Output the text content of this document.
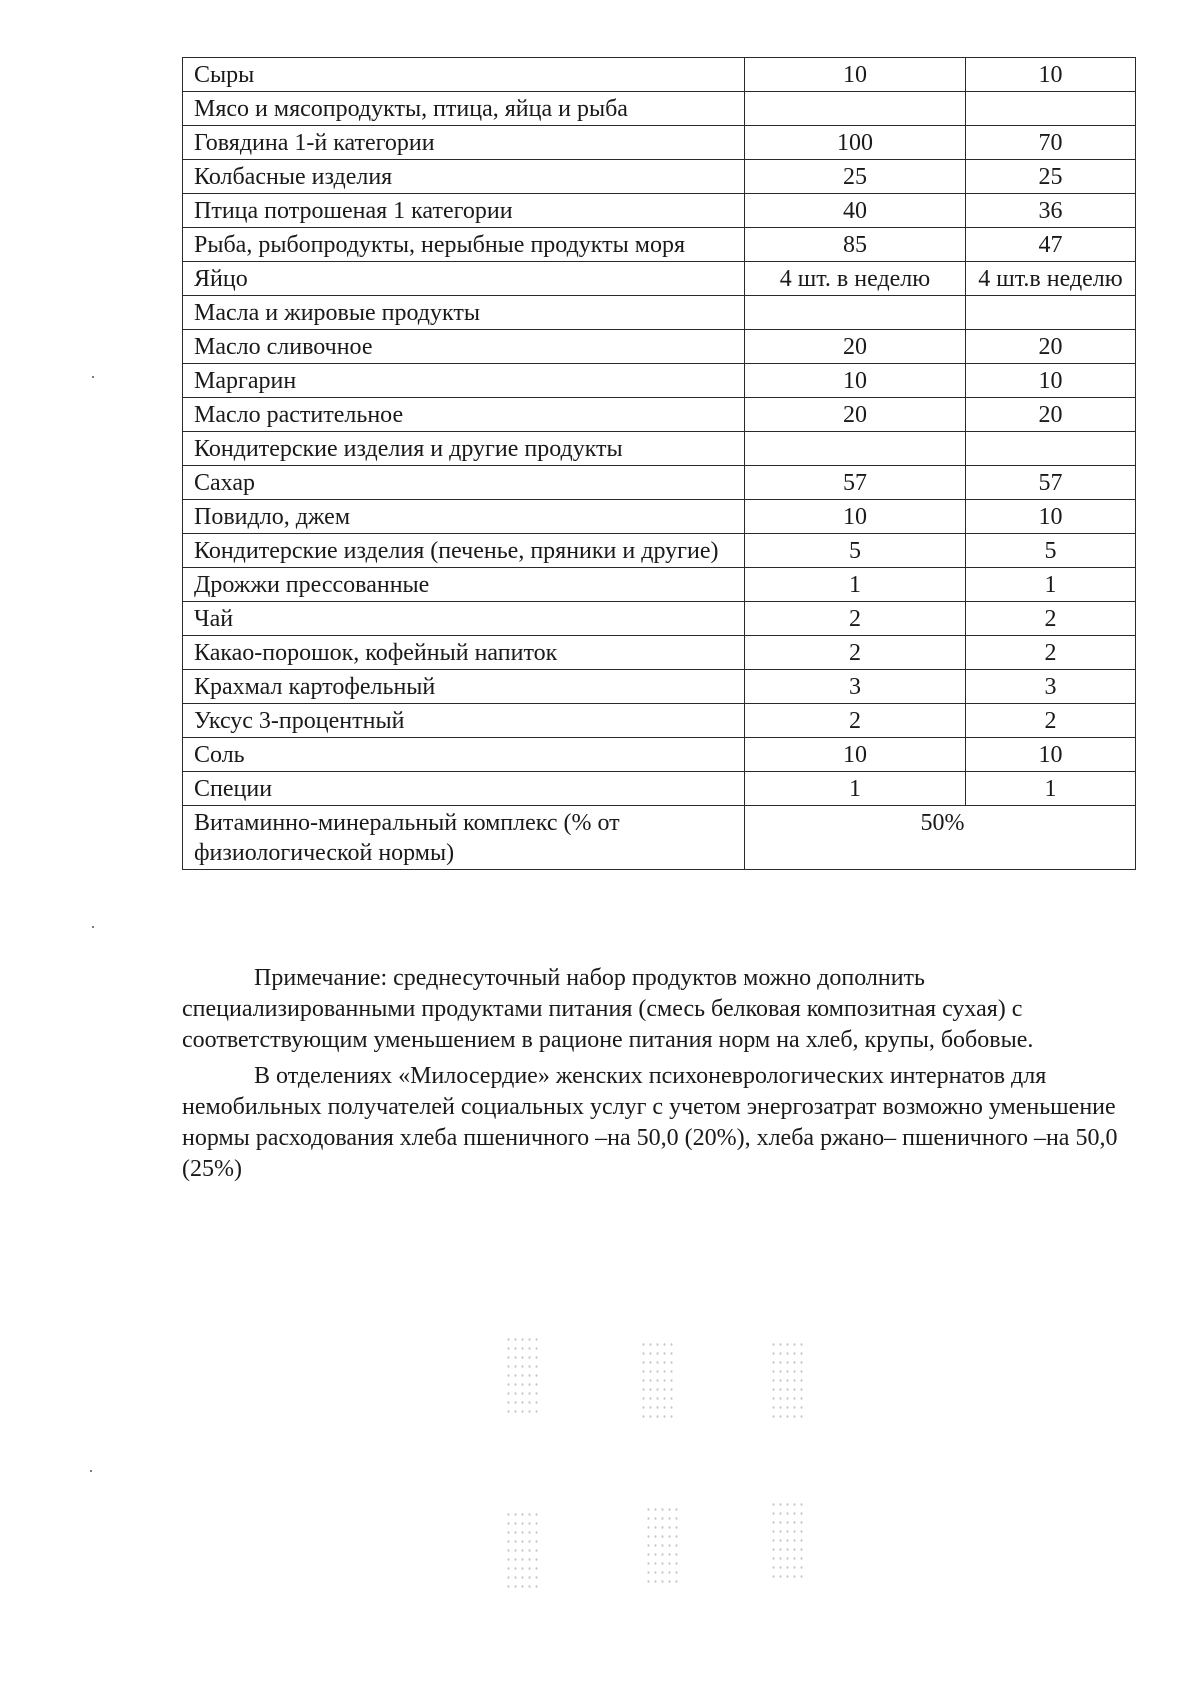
Сыры	10	10
Мясо и мясопродукты, птица, яйца и рыба		
Говядина 1-й категории	100	70
Колбасные изделия	25	25
Птица потрошеная 1 категории	40	36
Рыба, рыбопродукты, нерыбные продукты моря	85	47
Яйцо	4 шт. в неделю	4 шт.в неделю
Масла и жировые продукты		
Масло сливочное	20	20
Маргарин	10	10
Масло растительное	20	20
Кондитерские изделия и другие продукты		
Сахар	57	57
Повидло, джем	10	10
Кондитерские изделия (печенье, пряники и другие)	5	5
Дрожжи прессованные	1	1
Чай	2	2
Какао-порошок, кофейный напиток	2	2
Крахмал картофельный	3	3
Уксус 3-процентный	2	2
Соль	10	10
Специи	1	1
Витаминно-минеральный комплекс (% от физиологической нормы)	50%	

Примечание: среднесуточный набор продуктов можно дополнить специализированными продуктами питания (смесь белковая композитная сухая) с соответствующим уменьшением в рационе питания норм на хлеб, крупы, бобовые.

В отделениях «Милосердие» женских психоневрологических интернатов для немобильных получателей социальных услуг с учетом энергозатрат возможно уменьшение нормы расходования хлеба пшеничного –на 50,0 (20%), хлеба ржано– пшеничного –на 50,0 (25%)
